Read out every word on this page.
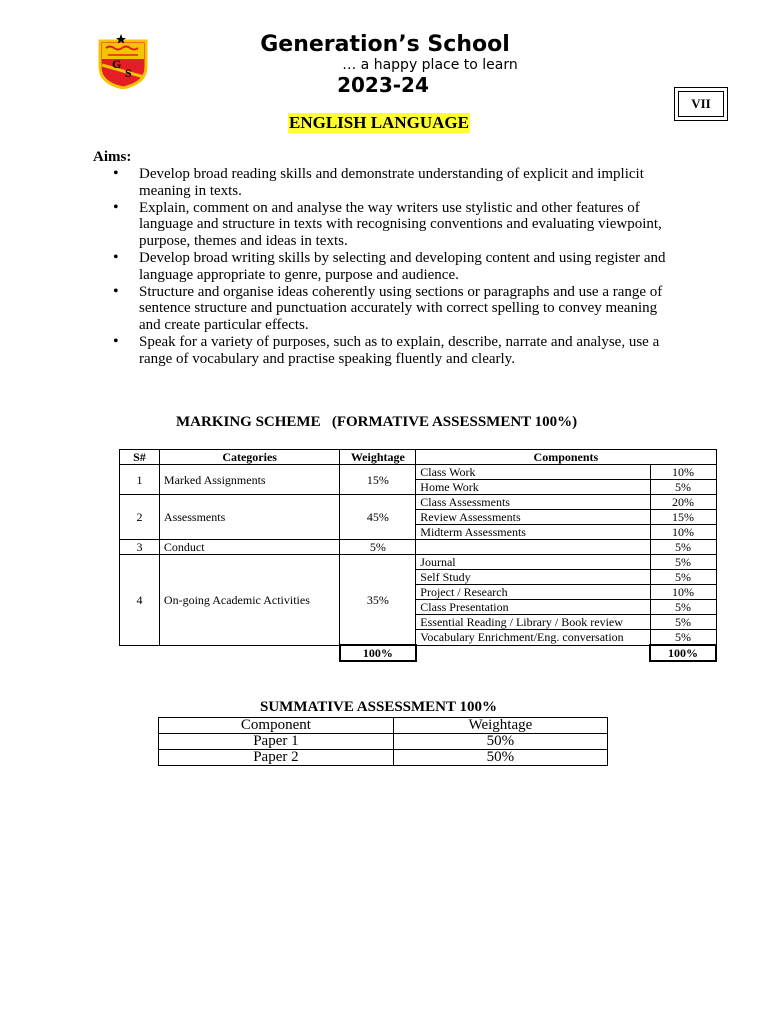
G
S
Generation’s School
… a happy place to learn
2023-24
VII
ENGLISH LANGUAGE
Aims:
• Develop broad reading skills and demonstrate understanding of explicit and implicit meaning in texts.
• Explain, comment on and analyse the way writers use stylistic and other features of language and structure in texts with recognising conventions and evaluating viewpoint, purpose, themes and ideas in texts.
• Develop broad writing skills by selecting and developing content and using register and language appropriate to genre, purpose and audience.
• Structure and organise ideas coherently using sections or paragraphs and use a range of sentence structure and punctuation accurately with correct spelling to convey meaning and create particular effects.
• Speak for a variety of purposes, such as to explain, describe, narrate and analyse, use a range of vocabulary and practise speaking fluently and clearly.
MARKING SCHEME   (FORMATIVE ASSESSMENT 100%)
S#	Categories	Weightage	Components	
1	Marked Assignments	15%	Class Work	10%
			Home Work	5%
2	Assessments	45%	Class Assessments	20%
			Review Assessments	15%
			Midterm Assessments	10%
3	Conduct	5%		5%
4	On-going Academic Activities	35%	Journal	5%
			Self Study	5%
			Project / Research	10%
			Class Presentation	5%
			Essential Reading / Library / Book review	5%
			Vocabulary Enrichment/Eng. conversation	5%
		100%		100%
SUMMATIVE ASSESSMENT 100%
Component	Weightage
Paper 1	50%
Paper 2	50%
